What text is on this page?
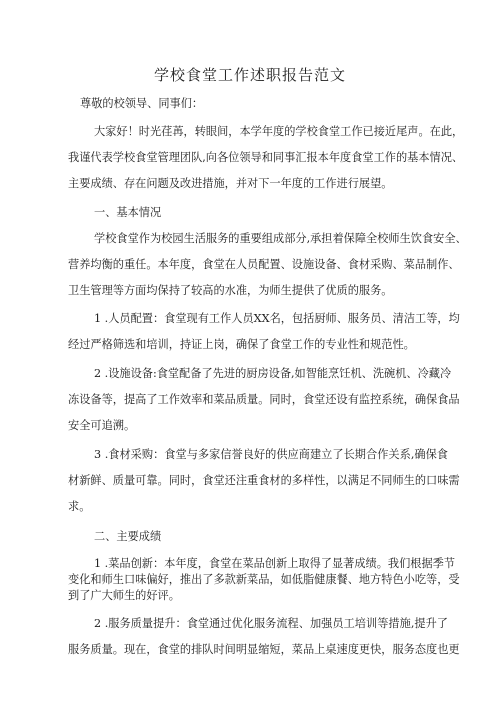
学校食堂工作述职报告范文
尊敬的校领导、同事们：
大家好！时光荏苒，转眼间，本学年度的学校食堂工作已接近尾声。在此，
我谨代表学校食堂管理团队,向各位领导和同事汇报本年度食堂工作的基本情况、
主要成绩、存在问题及改进措施，并对下一年度的工作进行展望。
一、基本情况
学校食堂作为校园生活服务的重要组成部分,承担着保障全校师生饮食安全、
营养均衡的重任。本年度，食堂在人员配置、设施设备、食材采购、菜品制作、
卫生管理等方面均保持了较高的水准，为师生提供了优质的服务。
1 .人员配置：食堂现有工作人员XX名，包括厨师、服务员、清洁工等，均
经过严格筛选和培训，持证上岗，确保了食堂工作的专业性和规范性。
2 .设施设备:食堂配备了先进的厨房设备,如智能烹饪机、洗碗机、冷藏冷
冻设备等，提高了工作效率和菜品质量。同时，食堂还设有监控系统，确保食品
安全可追溯。
3 .食材采购：食堂与多家信誉良好的供应商建立了长期合作关系,确保食
材新鲜、质量可靠。同时，食堂还注重食材的多样性，以满足不同师生的口味需
求。
二、主要成绩
1 .菜品创新：本年度，食堂在菜品创新上取得了显著成绩。我们根据季节
变化和师生口味偏好，推出了多款新菜品，如低脂健康餐、地方特色小吃等，受
到了广大师生的好评。
2 .服务质量提升：食堂通过优化服务流程、加强员工培训等措施,提升了
服务质量。现在，食堂的排队时间明显缩短，菜品上桌速度更快，服务态度也更
